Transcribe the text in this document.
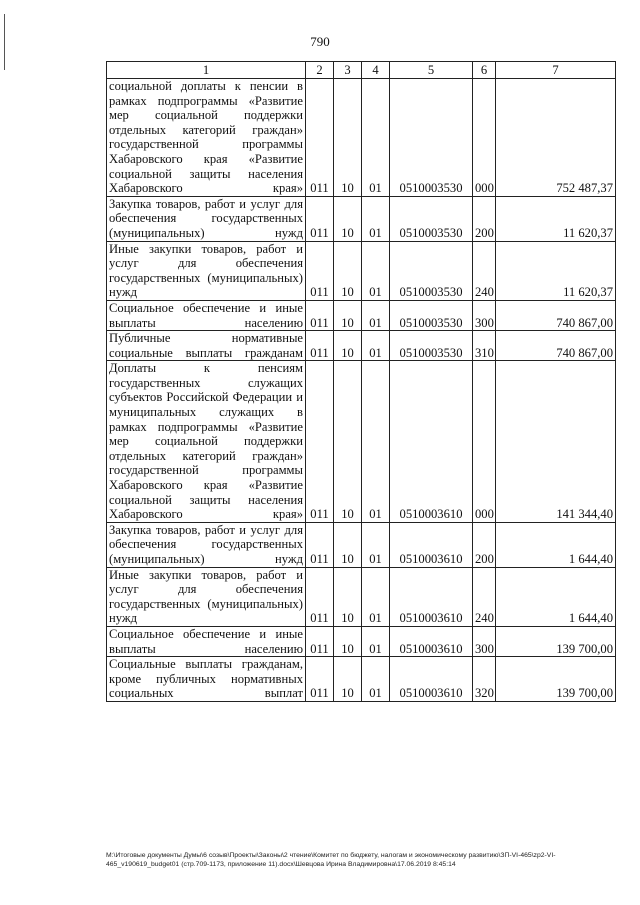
790
1	2	3	4	5	6	7
социальной доплаты к пенсии в рамках подпрограммы «Развитие мер социальной поддержки отдельных категорий граждан» государственной программы Хабаровского края «Развитие социальной защиты населения Хабаровского края»	011	10	01	0510003530	000	752 487,37
Закупка товаров, работ и услуг для обеспечения государственных (муниципальных) нужд	011	10	01	0510003530	200	11 620,37
Иные закупки товаров, работ и услуг для обеспечения государственных (муниципальных) нужд	011	10	01	0510003530	240	11 620,37
Социальное обеспечение и иные выплаты населению	011	10	01	0510003530	300	740 867,00
Публичные нормативные социальные выплаты гражданам	011	10	01	0510003530	310	740 867,00
Доплаты к пенсиям государственных служащих субъектов Российской Федерации и муниципальных служащих в рамках подпрограммы «Развитие мер социальной поддержки отдельных категорий граждан» государственной программы Хабаровского края «Развитие социальной защиты населения Хабаровского края»	011	10	01	0510003610	000	141 344,40
Закупка товаров, работ и услуг для обеспечения государственных (муниципальных) нужд	011	10	01	0510003610	200	1 644,40
Иные закупки товаров, работ и услуг для обеспечения государственных (муниципальных) нужд	011	10	01	0510003610	240	1 644,40
Социальное обеспечение и иные выплаты населению	011	10	01	0510003610	300	139 700,00
Социальные выплаты гражданам, кроме публичных нормативных социальных выплат	011	10	01	0510003610	320	139 700,00
M:\Итоговые документы Думы\6 созыв\Проекты\Законы\2 чтение\Комитет по бюджету, налогам и экономическому развитию\ЗП-VI-465\zp2-VI-465_v190619_budget01 (стр.709-1173, приложение 11).docx\Шевцова Ирина Владимировна\17.06.2019 8:45:14
